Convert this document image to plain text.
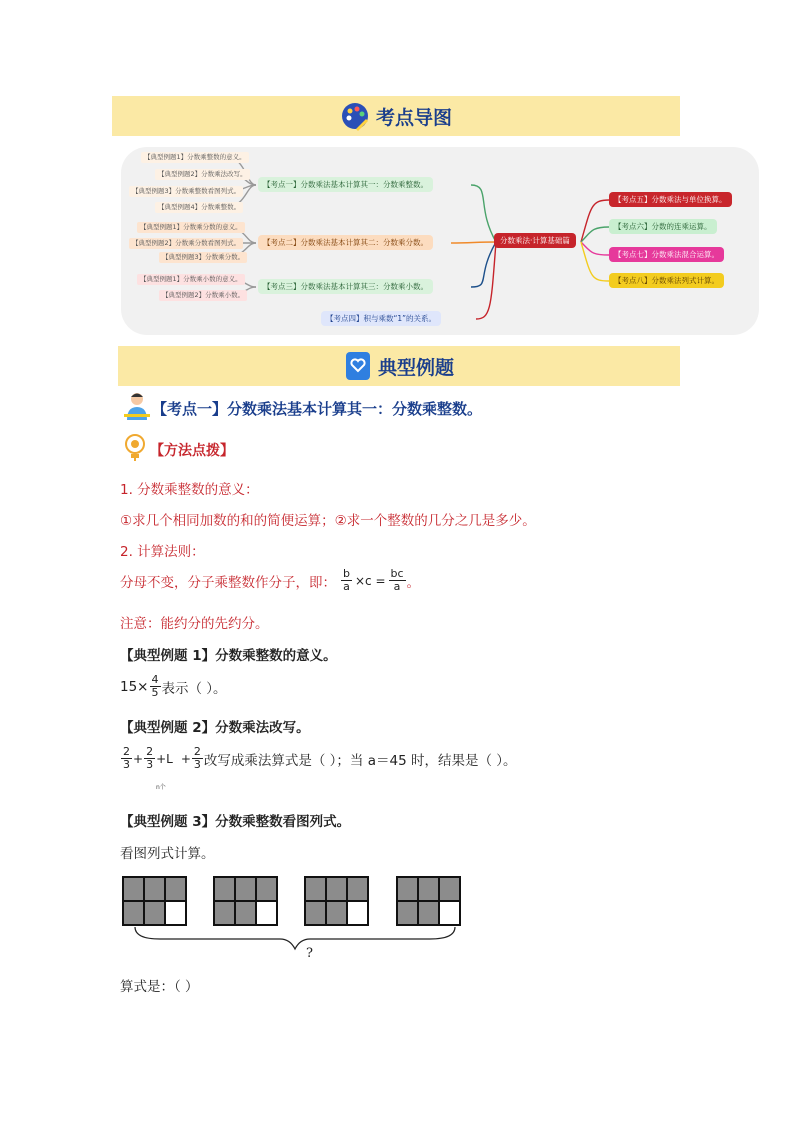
考点导图
【典型例题1】分数乘整数的意义。
【典型例题2】分数乘法改写。
【典型例题3】分数乘整数看图列式。
【典型例题4】分数乘整数。
【典型例题1】分数乘分数的意义。
【典型例题2】分数乘分数看图列式。
【典型例题3】分数乘分数。
【典型例题1】分数乘小数的意义。
【典型例题2】分数乘小数。
【考点一】分数乘法基本计算其一：分数乘整数。
【考点二】分数乘法基本计算其二：分数乘分数。
【考点三】分数乘法基本计算其三：分数乘小数。
【考点四】积与乘数“1”的关系。
分数乘法·计算基础篇
【考点五】分数乘法与单位换算。
【考点六】分数的连乘运算。
【考点七】分数乘法混合运算。
【考点八】分数乘法列式计算。
典型例题
【考点一】分数乘法基本计算其一：分数乘整数。
【方法点拨】
1. 分数乘整数的意义：
①求几个相同加数的和的简便运算；②求一个整数的几分之几是多少。
2. 计算法则：
分母不变，分子乘整数作分子，即： $\frac{b}{a} \times c = \frac{bc}{a}$ 。
注意：能约分的先约分。
【典型例题 1】分数乘整数的意义。
$15\times \frac{4}{5}$ 表示（ ）。
【典型例题 2】分数乘法改写。
$\frac{2}{3} + \frac{2}{3} + L + \frac{2}{3}$ 改写成乘法算式是（ ）；当 a＝45 时，结果是（ ）。
n个
【典型例题 3】分数乘整数看图列式。
看图列式计算。
?
算式是：（ ）
